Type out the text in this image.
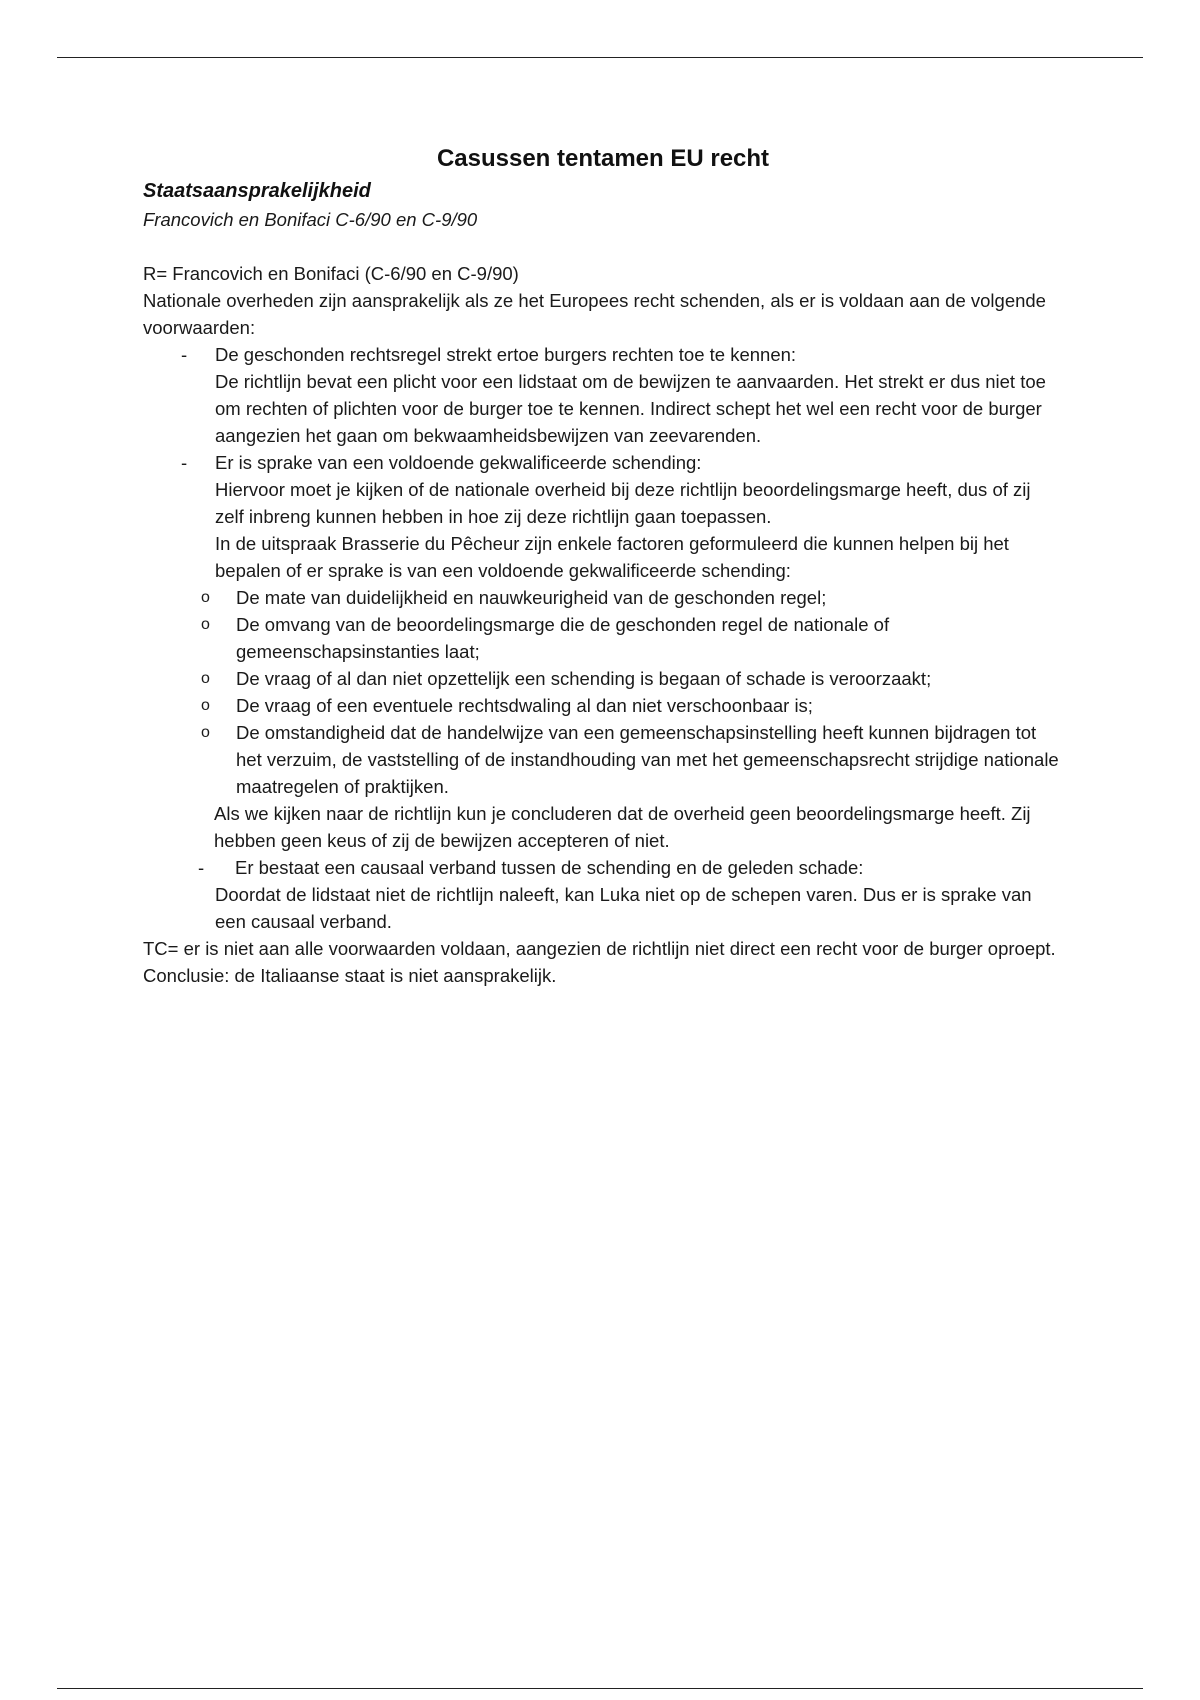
Casussen tentamen EU recht
Staatsaansprakelijkheid

Francovich en Bonifaci C-6/90 en C-9/90

R= Francovich en Bonifaci (C-6/90 en C-9/90)

Nationale overheden zijn aansprakelijk als ze het Europees recht schenden, als er is voldaan aan de volgende voorwaarden:

- De geschonden rechtsregel strekt ertoe burgers rechten toe te kennen:

De richtlijn bevat een plicht voor een lidstaat om de bewijzen te aanvaarden. Het strekt er dus niet toe om rechten of plichten voor de burger toe te kennen. Indirect schept het wel een recht voor de burger aangezien het gaan om bekwaamheidsbewijzen van zeevarenden.

- Er is sprake van een voldoende gekwalificeerde schending:

Hiervoor moet je kijken of de nationale overheid bij deze richtlijn beoordelingsmarge heeft, dus of zij zelf inbreng kunnen hebben in hoe zij deze richtlijn gaan toepassen.

In de uitspraak Brasserie du Pêcheur zijn enkele factoren geformuleerd die kunnen helpen bij het bepalen of er sprake is van een voldoende gekwalificeerde schending:

o De mate van duidelijkheid en nauwkeurigheid van de geschonden regel;
o De omvang van de beoordelingsmarge die de geschonden regel de nationale of gemeenschapsinstanties laat;
o De vraag of al dan niet opzettelijk een schending is begaan of schade is veroorzaakt;
o De vraag of een eventuele rechtsdwaling al dan niet verschoonbaar is;
o De omstandigheid dat de handelwijze van een gemeenschapsinstelling heeft kunnen bijdragen tot het verzuim, de vaststelling of de instandhouding van met het gemeenschapsrecht strijdige nationale maatregelen of praktijken.

Als we kijken naar de richtlijn kun je concluderen dat de overheid geen beoordelingsmarge heeft. Zij hebben geen keus of zij de bewijzen accepteren of niet.

-	Er bestaat een causaal verband tussen de schending en de geleden schade:

Doordat de lidstaat niet de richtlijn naleeft, kan Luka niet op de schepen varen. Dus er is sprake van een causaal verband.

TC= er is niet aan alle voorwaarden voldaan, aangezien de richtlijn niet direct een recht voor de burger oproept.

Conclusie: de Italiaanse staat is niet aansprakelijk.
